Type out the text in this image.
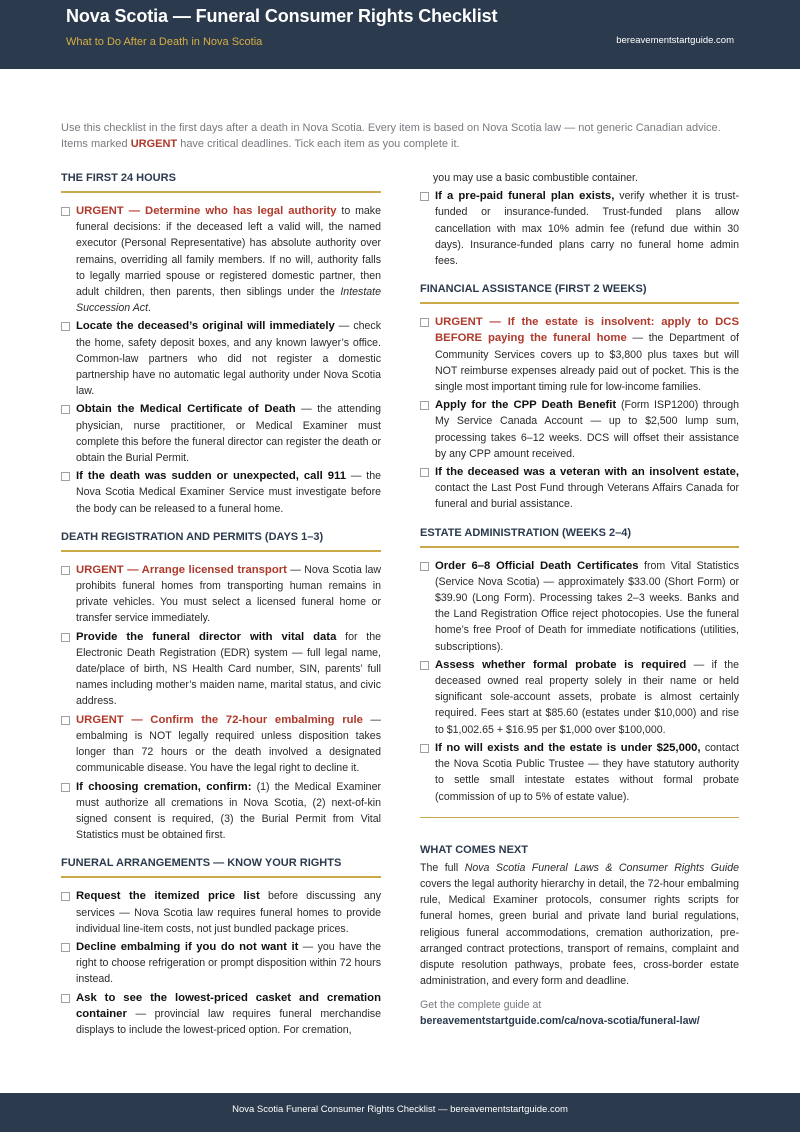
Nova Scotia — Funeral Consumer Rights Checklist
What to Do After a Death in Nova Scotia	bereavementstartguide.com
Use this checklist in the first days after a death in Nova Scotia. Every item is based on Nova Scotia law — not generic Canadian advice.
Items marked URGENT have critical deadlines. Tick each item as you complete it.
THE FIRST 24 HOURS
URGENT — Determine who has legal authority to make funeral decisions: if the deceased left a valid will, the named executor (Personal Representative) has absolute authority over remains, overriding all family members. If no will, authority falls to legally married spouse or registered domestic partner, then adult children, then parents, then siblings under the Intestate Succession Act.
Locate the deceased’s original will immediately — check the home, safety deposit boxes, and any known lawyer’s office. Common-law partners who did not register a domestic partnership have no automatic legal authority under Nova Scotia law.
Obtain the Medical Certificate of Death — the attending physician, nurse practitioner, or Medical Examiner must complete this before the funeral director can register the death or obtain the Burial Permit.
If the death was sudden or unexpected, call 911 — the Nova Scotia Medical Examiner Service must investigate before the body can be released to a funeral home.
DEATH REGISTRATION AND PERMITS (DAYS 1–3)
URGENT — Arrange licensed transport — Nova Scotia law prohibits funeral homes from transporting human remains in private vehicles. You must select a licensed funeral home or transfer service immediately.
Provide the funeral director with vital data for the Electronic Death Registration (EDR) system — full legal name, date/place of birth, NS Health Card number, SIN, parents’ full names including mother’s maiden name, marital status, and civic address.
URGENT — Confirm the 72-hour embalming rule — embalming is NOT legally required unless disposition takes longer than 72 hours or the death involved a designated communicable disease. You have the legal right to decline it.
If choosing cremation, confirm: (1) the Medical Examiner must authorize all cremations in Nova Scotia, (2) next-of-kin signed consent is required, (3) the Burial Permit from Vital Statistics must be obtained first.
FUNERAL ARRANGEMENTS — KNOW YOUR RIGHTS
Request the itemized price list before discussing any services — Nova Scotia law requires funeral homes to provide individual line-item costs, not just bundled package prices.
Decline embalming if you do not want it — you have the right to choose refrigeration or prompt disposition within 72 hours instead.
Ask to see the lowest-priced casket and cremation container — provincial law requires funeral merchandise displays to include the lowest-priced option. For cremation,
you may use a basic combustible container.
If a pre-paid funeral plan exists, verify whether it is trust-funded or insurance-funded. Trust-funded plans allow cancellation with max 10% admin fee (refund due within 30 days). Insurance-funded plans carry no funeral home admin fees.
FINANCIAL ASSISTANCE (FIRST 2 WEEKS)
URGENT — If the estate is insolvent: apply to DCS BEFORE paying the funeral home — the Department of Community Services covers up to $3,800 plus taxes but will NOT reimburse expenses already paid out of pocket. This is the single most important timing rule for low-income families.
Apply for the CPP Death Benefit (Form ISP1200) through My Service Canada Account — up to $2,500 lump sum, processing takes 6–12 weeks. DCS will offset their assistance by any CPP amount received.
If the deceased was a veteran with an insolvent estate, contact the Last Post Fund through Veterans Affairs Canada for funeral and burial assistance.
ESTATE ADMINISTRATION (WEEKS 2–4)
Order 6–8 Official Death Certificates from Vital Statistics (Service Nova Scotia) — approximately $33.00 (Short Form) or $39.90 (Long Form). Processing takes 2–3 weeks. Banks and the Land Registration Office reject photocopies. Use the funeral home’s free Proof of Death for immediate notifications (utilities, subscriptions).
Assess whether formal probate is required — if the deceased owned real property solely in their name or held significant sole-account assets, probate is almost certainly required. Fees start at $85.60 (estates under $10,000) and rise to $1,002.65 + $16.95 per $1,000 over $100,000.
If no will exists and the estate is under $25,000, contact the Nova Scotia Public Trustee — they have statutory authority to settle small intestate estates without formal probate (commission of up to 5% of estate value).
WHAT COMES NEXT
The full Nova Scotia Funeral Laws & Consumer Rights Guide covers the legal authority hierarchy in detail, the 72-hour embalming rule, Medical Examiner protocols, consumer rights scripts for funeral homes, green burial and private land burial regulations, religious funeral accommodations, cremation authorization, pre-arranged contract protections, transport of remains, complaint and dispute resolution pathways, probate fees, cross-border estate administration, and every form and deadline.
Get the complete guide at
bereavementstartguide.com/ca/nova-scotia/funeral-law/
Nova Scotia Funeral Consumer Rights Checklist — bereavementstartguide.com
